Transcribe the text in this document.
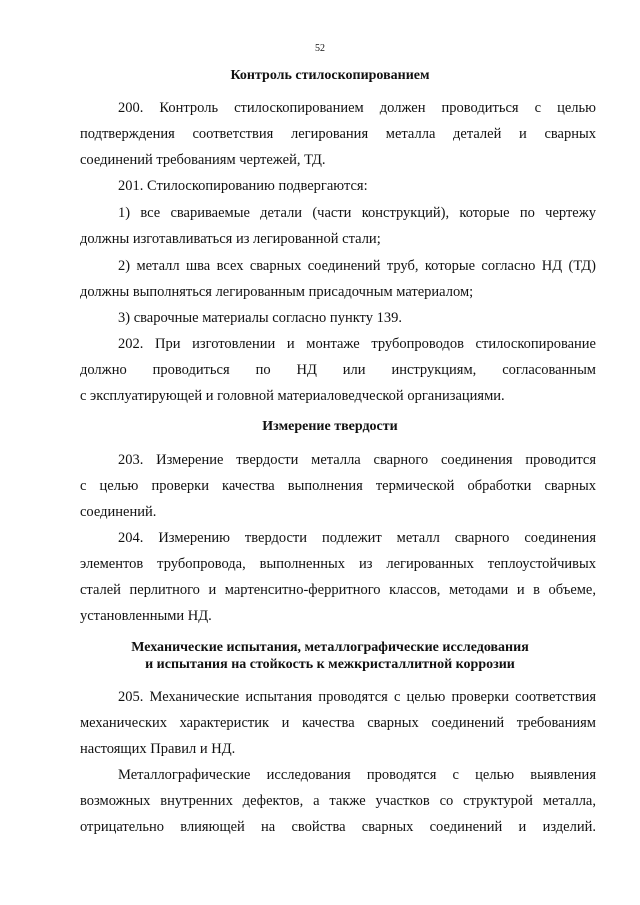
52
Контроль стилоскопированием
200. Контроль стилоскопированием должен проводиться с целью
подтверждения соответствия легирования металла деталей и сварных
соединений требованиям чертежей, ТД.
201. Стилоскопированию подвергаются:
1) все свариваемые детали (части конструкций), которые по чертежу
должны изготавливаться из легированной стали;
2) металл шва всех сварных соединений труб, которые согласно НД (ТД)
должны выполняться легированным присадочным материалом;
3) сварочные материалы согласно пункту 139.
202. При изготовлении и монтаже трубопроводов стилоскопирование
должно проводиться по НД или инструкциям, согласованным
с эксплуатирующей и головной материаловедческой организациями.
Измерение твердости
203. Измерение твердости металла сварного соединения проводится
с целью проверки качества выполнения термической обработки сварных
соединений.
204. Измерению твердости подлежит металл сварного соединения
элементов трубопровода, выполненных из легированных теплоустойчивых
сталей перлитного и мартенситно-ферритного классов, методами и в объеме,
установленными НД.
Механические испытания, металлографические исследования
и испытания на стойкость к межкристаллитной коррозии
205. Механические испытания проводятся с целью проверки соответствия
механических характеристик и качества сварных соединений требованиям
настоящих Правил и НД.
Металлографические исследования проводятся с целью выявления
возможных внутренних дефектов, а также участков со структурой металла,
отрицательно влияющей на свойства сварных соединений и изделий.
